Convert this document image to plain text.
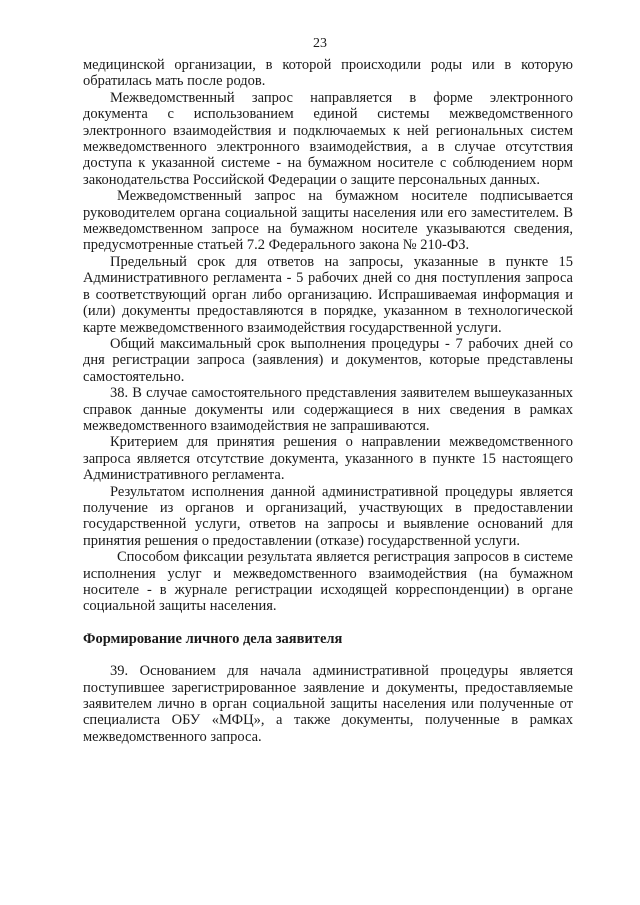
23

медицинской организации, в которой происходили роды или в которую обратилась мать после родов.

Межведомственный запрос направляется в форме электронного документа с использованием единой системы межведомственного электронного взаимодействия и подключаемых к ней региональных систем межведомственного электронного взаимодействия, а в случае отсутствия доступа к указанной системе - на бумажном носителе с соблюдением норм законодательства Российской Федерации о защите персональных данных.

Межведомственный запрос на бумажном носителе подписывается руководителем органа социальной защиты населения или его заместителем. В межведомственном запросе на бумажном носителе указываются сведения, предусмотренные статьей 7.2 Федерального закона № 210-ФЗ.

Предельный срок для ответов на запросы, указанные в пункте 15 Административного регламента - 5 рабочих дней со дня поступления запроса в соответствующий орган либо организацию. Испрашиваемая информация и (или) документы предоставляются в порядке, указанном в технологической карте межведомственного взаимодействия государственной услуги.

Общий максимальный срок выполнения процедуры - 7 рабочих дней со дня регистрации запроса (заявления) и документов, которые представлены самостоятельно.

38. В случае самостоятельного представления заявителем вышеуказанных справок данные документы или содержащиеся в них сведения в рамках межведомственного взаимодействия не запрашиваются.

Критерием для принятия решения о направлении межведомственного запроса является отсутствие документа, указанного в пункте 15 настоящего Административного регламента.

Результатом исполнения данной административной процедуры является получение из органов и организаций, участвующих в предоставлении государственной услуги, ответов на запросы и выявление оснований для принятия решения о предоставлении (отказе) государственной услуги.

Способом фиксации результата является регистрация запросов в системе исполнения услуг и межведомственного взаимодействия (на бумажном носителе - в журнале регистрации исходящей корреспонденции) в органе социальной защиты населения.

Формирование личного дела заявителя

39. Основанием для начала административной процедуры является поступившее зарегистрированное заявление и документы, предоставляемые заявителем лично в орган социальной защиты населения или полученные от специалиста ОБУ «МФЦ», а также документы, полученные в рамках межведомственного запроса.
